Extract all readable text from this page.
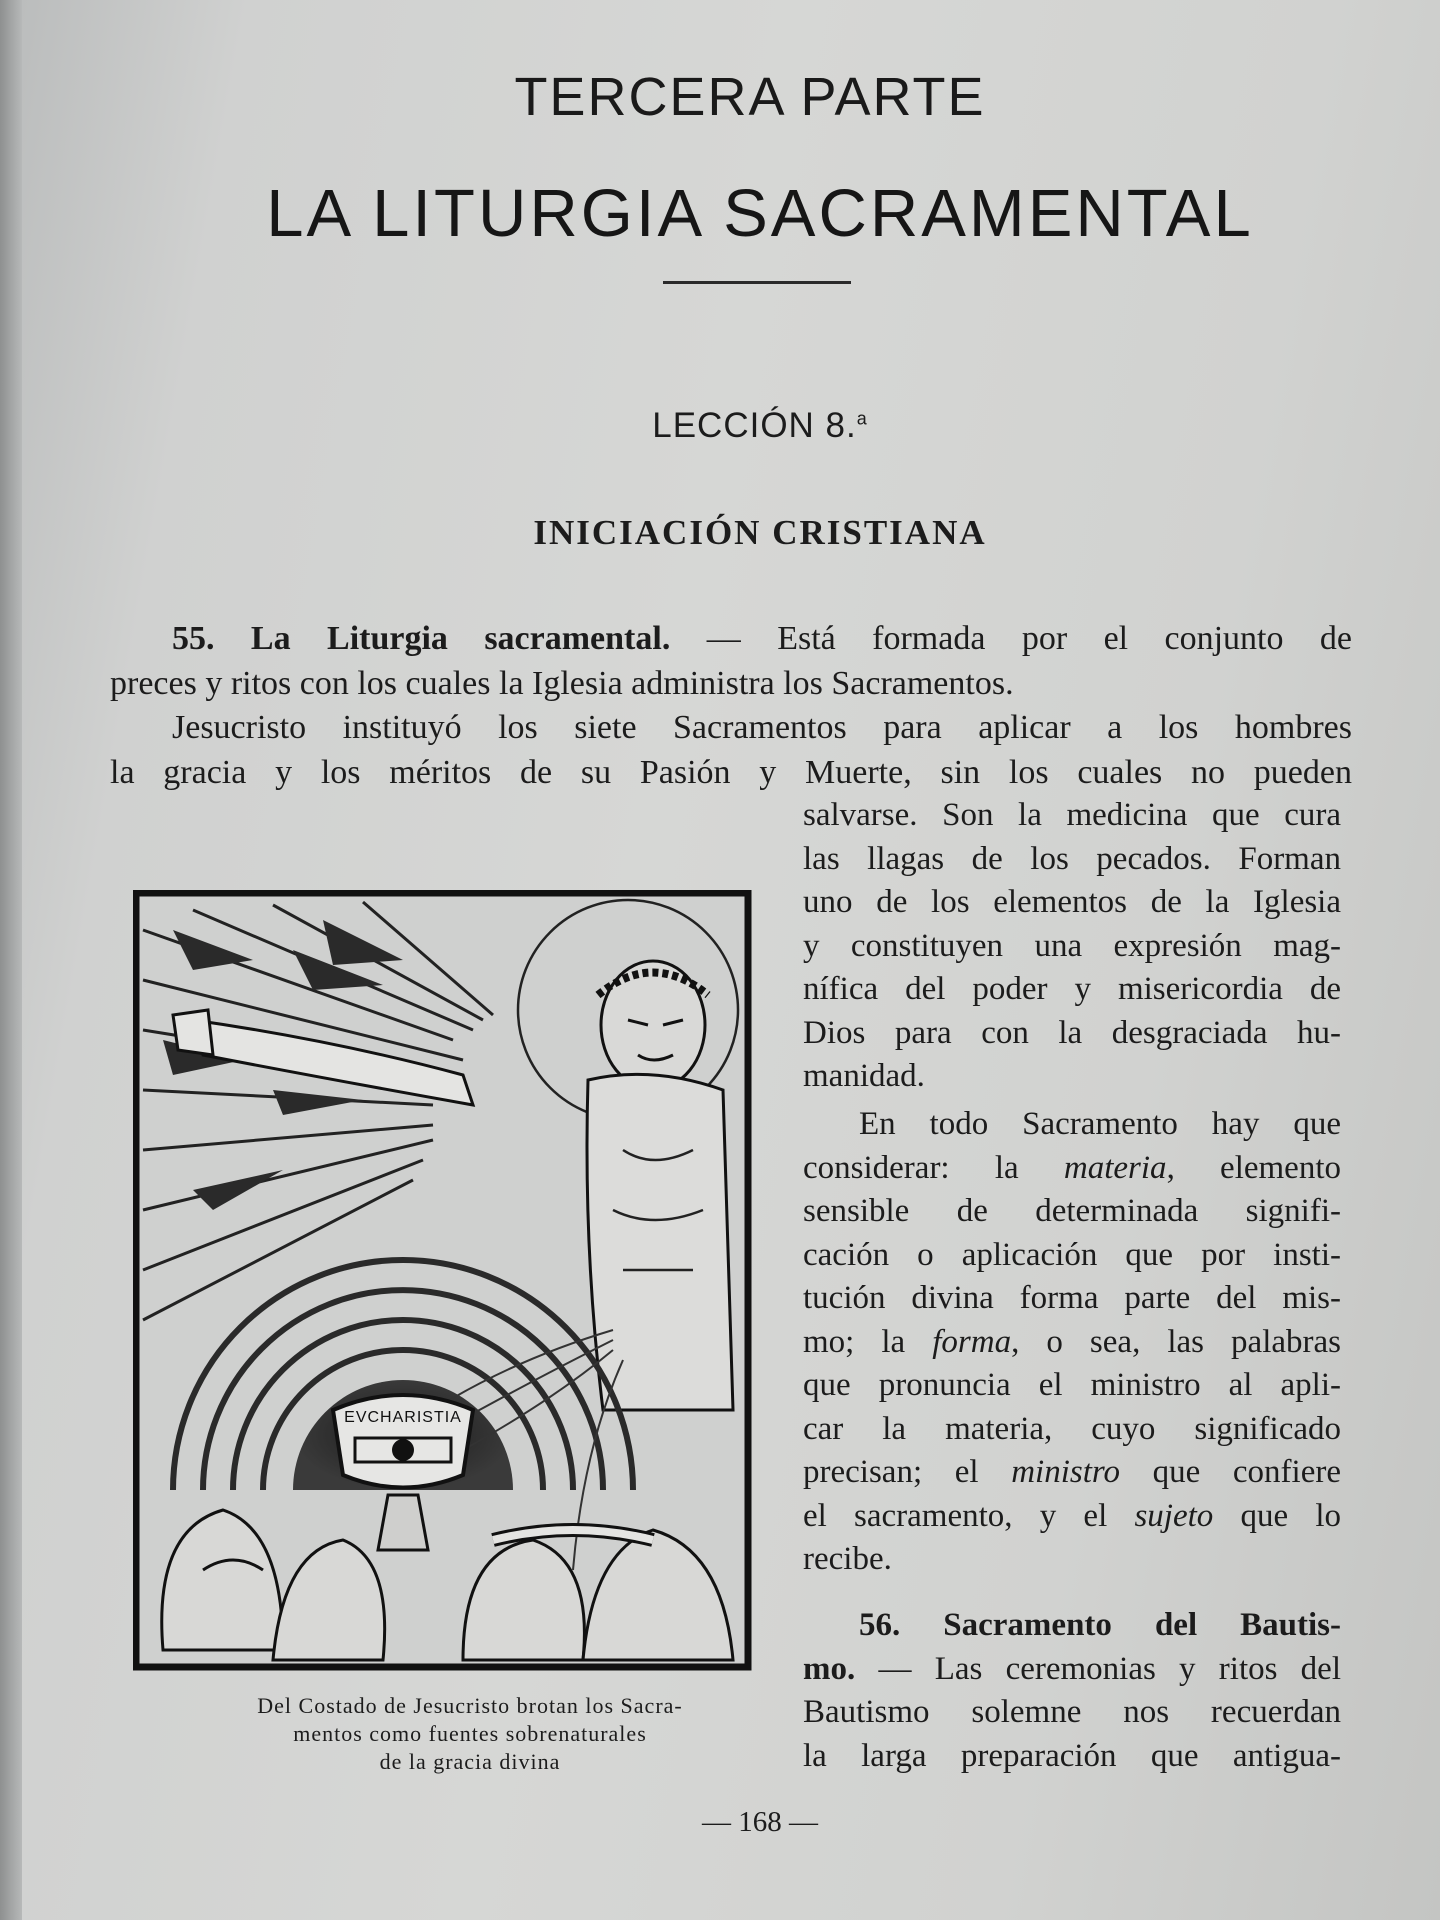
TERCERA PARTE
LA LITURGIA SACRAMENTAL
LECCIÓN 8.$^a$
INICIACIÓN CRISTIANA
55. La Liturgia sacramental. — Está formada por el conjunto de
preces y ritos con los cuales la Iglesia administra los Sacramentos.
Jesucristo instituyó los siete Sacramentos para aplicar a los hombres
la gracia y los méritos de su Pasión y Muerte, sin los cuales no pueden
salvarse. Son la medicina que cura
las llagas de los pecados. Forman
uno de los elementos de la Iglesia
y constituyen una expresión mag-
nífica del poder y misericordia de
Dios para con la desgraciada hu-
manidad.
En todo Sacramento hay que
considerar: la materia, elemento
sensible de determinada signifi-
cación o aplicación que por insti-
tución divina forma parte del mis-
mo; la forma, o sea, las palabras
que pronuncia el ministro al apli-
car la materia, cuyo significado
precisan; el ministro que confiere
el sacramento, y el sujeto que lo
recibe.
56. Sacramento del Bautis-
mo. — Las ceremonias y ritos del
Bautismo solemne nos recuerdan
la larga preparación que antigua-
EVCHARISTIA
Del Costado de Jesucristo brotan los Sacra-
mentos como fuentes sobrenaturales
de la gracia divina
— 168 —
